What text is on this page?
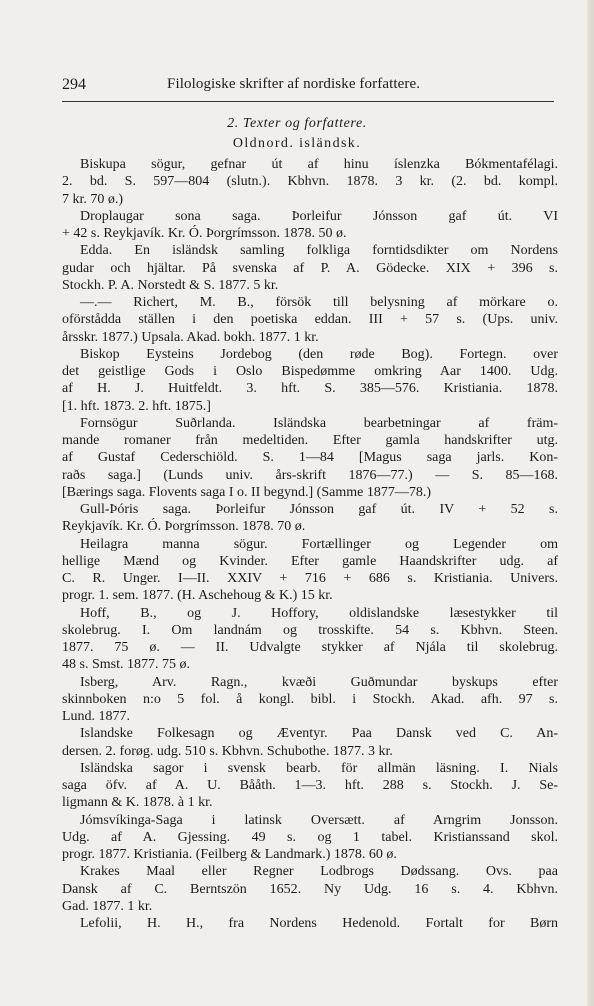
294	Filologiske skrifter af nordiske forfattere.
2. Texter og forfattere.
Oldnord. isländsk.
Biskupa sögur, gefnar út af hinu íslenzka Bókmentafélagi.
2. bd. S. 597—804 (slutn.). Kbhvn. 1878. 3 kr. (2. bd. kompl.
7 kr. 70 ø.)
Droplaugar sona saga. Þorleifur Jónsson gaf út. VI
+ 42 s. Reykjavík. Kr. Ó. Þorgrímsson. 1878. 50 ø.
Edda. En isländsk samling folkliga forntidsdikter om Nordens
gudar och hjältar. På svenska af P. A. Gödecke. XIX + 396 s.
Stockh. P. A. Norstedt & S. 1877. 5 kr.
—.— Richert, M. B., försök till belysning af mörkare o.
oförstådda ställen i den poetiska eddan. III + 57 s. (Ups. univ.
årsskr. 1877.) Upsala. Akad. bokh. 1877. 1 kr.
Biskop Eysteins Jordebog (den røde Bog). Fortegn. over
det geistlige Gods i Oslo Bispedømme omkring Aar 1400. Udg.
af H. J. Huitfeldt. 3. hft. S. 385—576. Kristiania. 1878.
[1. hft. 1873. 2. hft. 1875.]
Fornsögur Suðrlanda. Isländska bearbetningar af främ-
mande romaner från medeltiden. Efter gamla handskrifter utg.
af Gustaf Cederschiöld. S. 1—84 [Magus saga jarls. Kon-
raðs saga.] (Lunds univ. års-skrift 1876—77.) — S. 85—168.
[Bærings saga. Flovents saga I o. II begynd.] (Samme 1877—78.)
Gull-Þóris saga. Þorleifur Jónsson gaf út. IV + 52 s.
Reykjavík. Kr. Ó. Þorgrímsson. 1878. 70 ø.
Heilagra manna sögur. Fortællinger og Legender om
hellige Mænd og Kvinder. Efter gamle Haandskrifter udg. af
C. R. Unger. I—II. XXIV + 716 + 686 s. Kristiania. Univers.
progr. 1. sem. 1877. (H. Aschehoug & K.) 15 kr.
Hoff, B., og J. Hoffory, oldislandske læsestykker til
skolebrug. I. Om landnám og trosskifte. 54 s. Kbhvn. Steen.
1877. 75 ø. — II. Udvalgte stykker af Njála til skolebrug.
48 s. Smst. 1877. 75 ø.
Isberg, Arv. Ragn., kvæði Guðmundar byskups efter
skinnboken n:o 5 fol. å kongl. bibl. i Stockh. Akad. afh. 97 s.
Lund. 1877.
Islandske Folkesagn og Æventyr. Paa Dansk ved C. An-
dersen. 2. forøg. udg. 510 s. Kbhvn. Schubothe. 1877. 3 kr.
Isländska sagor i svensk bearb. för allmän läsning. I. Nials
saga öfv. af A. U. Bååth. 1—3. hft. 288 s. Stockh. J. Se-
ligmann & K. 1878. à 1 kr.
Jómsvíkinga-Saga i latinsk Oversætt. af Arngrim Jonsson.
Udg. af A. Gjessing. 49 s. og 1 tabel. Kristianssand skol.
progr. 1877. Kristiania. (Feilberg & Landmark.) 1878. 60 ø.
Krakes Maal eller Regner Lodbrogs Dødssang. Ovs. paa
Dansk af C. Berntszön 1652. Ny Udg. 16 s. 4. Kbhvn.
Gad. 1877. 1 kr.
Lefolii, H. H., fra Nordens Hedenold. Fortalt for Børn
